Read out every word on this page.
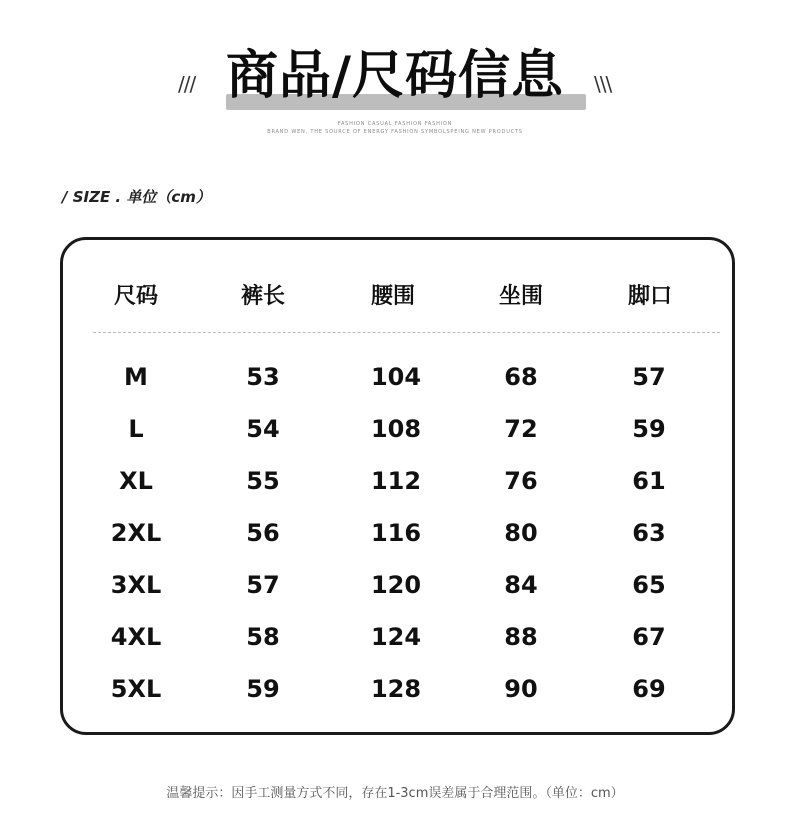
/// 商品/尺码信息	\\\
FASHION CASUAL FASHION FASHION
BRAND WEN, THE SOURCE OF ENERGY FASHION SYMBOLSPEING NEW PRODUCTS
/ SIZE . 单位（cm）
尺码	裤长	腰围	坐围	脚口
M	53	104	68	57
L	54	108	72	59
XL	55	112	76	61
2XL	56	116	80	63
3XL	57	120	84	65
4XL	58	124	88	67
5XL	59	128	90	69
温馨提示：因手工测量方式不同，存在1-3cm误差属于合理范围。（单位：cm）
